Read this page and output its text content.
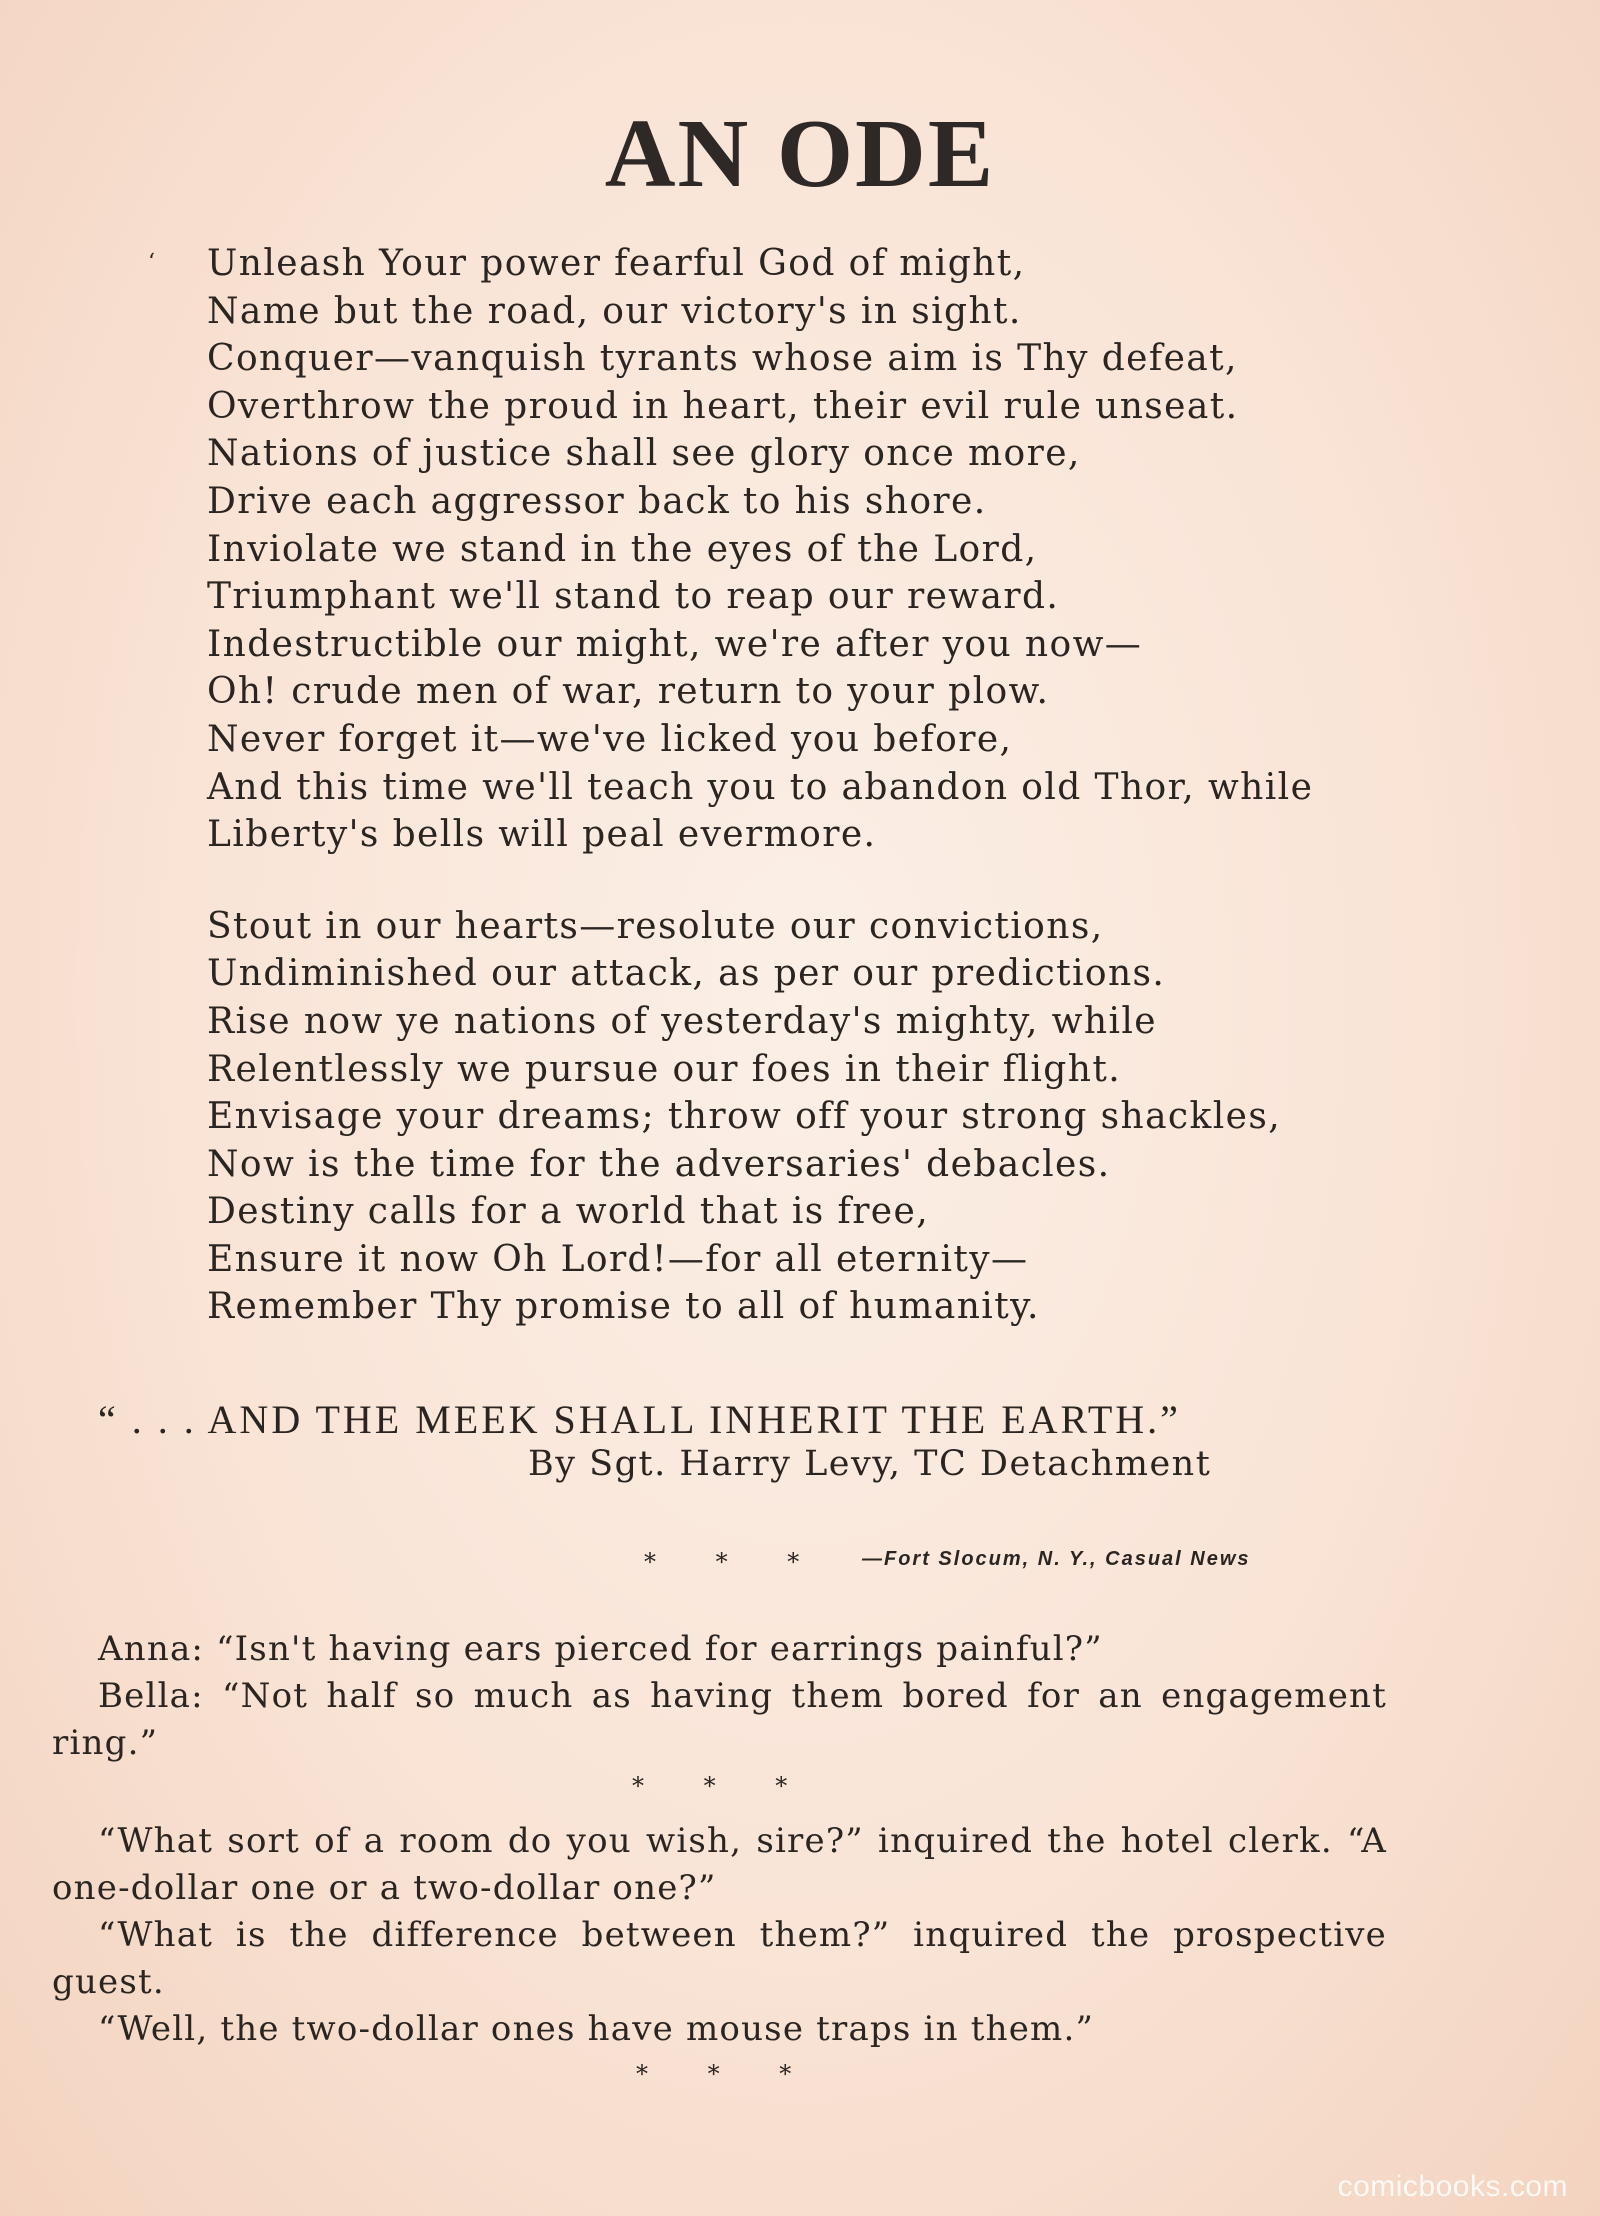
AN ODE
‘ Unleash Your power fearful God of might,
Name but the road, our victory's in sight.
Conquer—vanquish tyrants whose aim is Thy defeat,
Overthrow the proud in heart, their evil rule unseat.
Nations of justice shall see glory once more,
Drive each aggressor back to his shore.
Inviolate we stand in the eyes of the Lord,
Triumphant we'll stand to reap our reward.
Indestructible our might, we're after you now—
Oh! crude men of war, return to your plow.
Never forget it—we've licked you before,
And this time we'll teach you to abandon old Thor, while
Liberty's bells will peal evermore.
Stout in our hearts—resolute our convictions,
Undiminished our attack, as per our predictions.
Rise now ye nations of yesterday's mighty, while
Relentlessly we pursue our foes in their flight.
Envisage your dreams; throw off your strong shackles,
Now is the time for the adversaries' debacles.
Destiny calls for a world that is free,
Ensure it now Oh Lord!—for all eternity—
Remember Thy promise to all of humanity.
“ . . . AND THE MEEK SHALL INHERIT THE EARTH.”
By Sgt. Harry Levy, TC Detachment
* * * —Fort Slocum, N. Y., Casual News

Anna: “Isn't having ears pierced for earrings painful?”

Bella: “Not half so much as having them bored for an engagement ring.”

* * *

“What sort of a room do you wish, sire?” inquired the hotel clerk. “A one-dollar one or a two-dollar one?”

“What is the difference between them?” inquired the prospective guest.

“Well, the two-dollar ones have mouse traps in them.”

* * *
comicbooks.com
